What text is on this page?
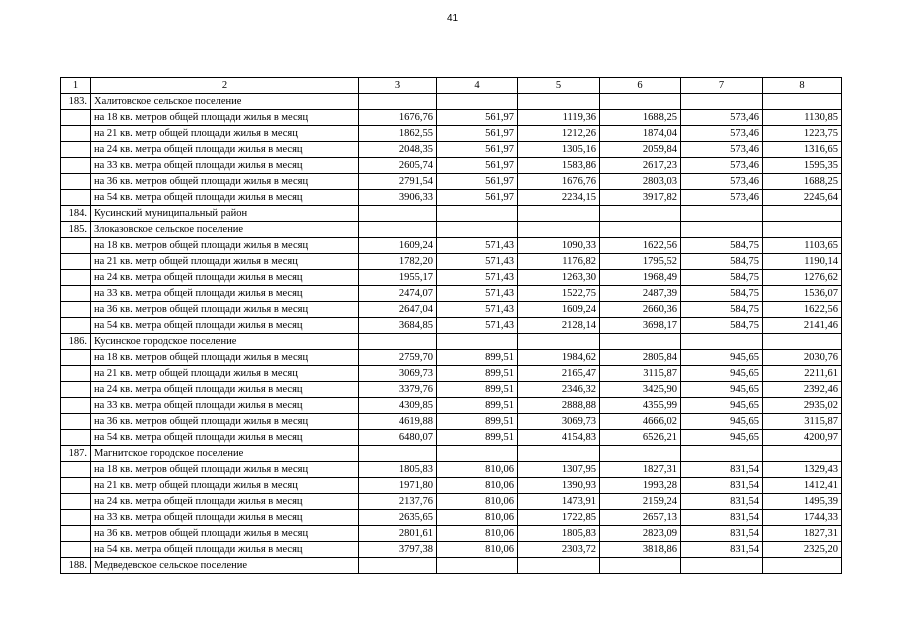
41
1	2	3	4	5	6	7	8
183.	Халитовское сельское поселение						
	на 18 кв. метров общей площади жилья в месяц	1676,76	561,97	1119,36	1688,25	573,46	1130,85
	на 21 кв. метр общей площади жилья в месяц	1862,55	561,97	1212,26	1874,04	573,46	1223,75
	на 24 кв. метра общей площади жилья в месяц	2048,35	561,97	1305,16	2059,84	573,46	1316,65
	на 33 кв. метра общей площади жилья в месяц	2605,74	561,97	1583,86	2617,23	573,46	1595,35
	на 36 кв. метров общей площади жилья в месяц	2791,54	561,97	1676,76	2803,03	573,46	1688,25
	на 54 кв. метра общей площади жилья в месяц	3906,33	561,97	2234,15	3917,82	573,46	2245,64
184.	Кусинский муниципальный район						
185.	Злоказовское сельское поселение						
	на 18 кв. метров общей площади жилья в месяц	1609,24	571,43	1090,33	1622,56	584,75	1103,65
	на 21 кв. метр общей площади жилья в месяц	1782,20	571,43	1176,82	1795,52	584,75	1190,14
	на 24 кв. метра общей площади жилья в месяц	1955,17	571,43	1263,30	1968,49	584,75	1276,62
	на 33 кв. метра общей площади жилья в месяц	2474,07	571,43	1522,75	2487,39	584,75	1536,07
	на 36 кв. метров общей площади жилья в месяц	2647,04	571,43	1609,24	2660,36	584,75	1622,56
	на 54 кв. метра общей площади жилья в месяц	3684,85	571,43	2128,14	3698,17	584,75	2141,46
186.	Кусинское городское поселение						
	на 18 кв. метров общей площади жилья в месяц	2759,70	899,51	1984,62	2805,84	945,65	2030,76
	на 21 кв. метр общей площади жилья в месяц	3069,73	899,51	2165,47	3115,87	945,65	2211,61
	на 24 кв. метра общей площади жилья в месяц	3379,76	899,51	2346,32	3425,90	945,65	2392,46
	на 33 кв. метра общей площади жилья в месяц	4309,85	899,51	2888,88	4355,99	945,65	2935,02
	на 36 кв. метров общей площади жилья в месяц	4619,88	899,51	3069,73	4666,02	945,65	3115,87
	на 54 кв. метра общей площади жилья в месяц	6480,07	899,51	4154,83	6526,21	945,65	4200,97
187.	Магнитское городское поселение						
	на 18 кв. метров общей площади жилья в месяц	1805,83	810,06	1307,95	1827,31	831,54	1329,43
	на 21 кв. метр общей площади жилья в месяц	1971,80	810,06	1390,93	1993,28	831,54	1412,41
	на 24 кв. метра общей площади жилья в месяц	2137,76	810,06	1473,91	2159,24	831,54	1495,39
	на 33 кв. метра общей площади жилья в месяц	2635,65	810,06	1722,85	2657,13	831,54	1744,33
	на 36 кв. метров общей площади жилья в месяц	2801,61	810,06	1805,83	2823,09	831,54	1827,31
	на 54 кв. метра общей площади жилья в месяц	3797,38	810,06	2303,72	3818,86	831,54	2325,20
188.	Медведевское сельское поселение						
